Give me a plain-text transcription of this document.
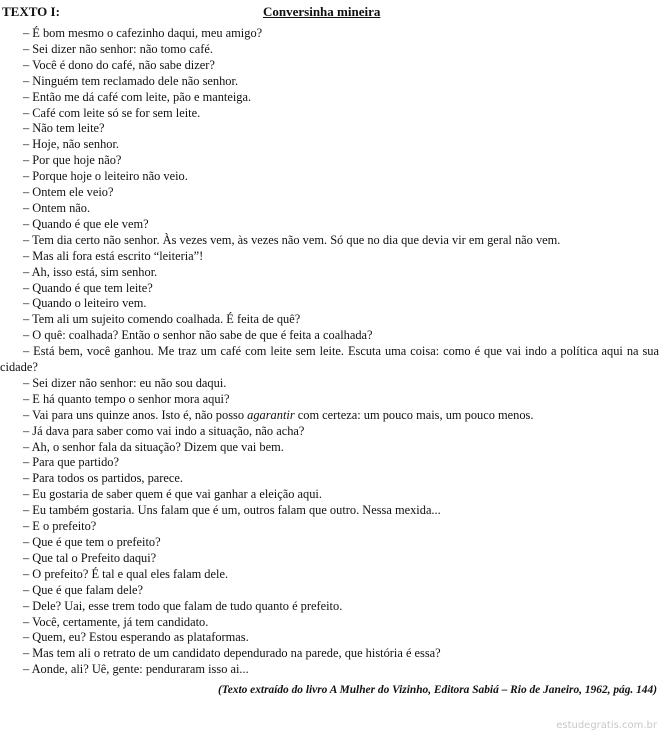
TEXTO I:	Conversinha mineira
– É bom mesmo o cafezinho daqui, meu amigo?
– Sei dizer não senhor: não tomo café.
– Você é dono do café, não sabe dizer?
– Ninguém tem reclamado dele não senhor.
– Então me dá café com leite, pão e manteiga.
– Café com leite só se for sem leite.
– Não tem leite?
– Hoje, não senhor.
– Por que hoje não?
– Porque hoje o leiteiro não veio.
– Ontem ele veio?
– Ontem não.
– Quando é que ele vem?
– Tem dia certo não senhor. Às vezes vem, às vezes não vem. Só que no dia que devia vir em geral não vem.
– Mas ali fora está escrito “leiteria”!
– Ah, isso está, sim senhor.
– Quando é que tem leite?
– Quando o leiteiro vem.
– Tem ali um sujeito comendo coalhada. É feita de quê?
– O quê: coalhada? Então o senhor não sabe de que é feita a coalhada?
– Está bem, você ganhou. Me traz um café com leite sem leite. Escuta uma coisa: como é que vai indo a política aqui na sua cidade?
– Sei dizer não senhor: eu não sou daqui.
– E há quanto tempo o senhor mora aqui?
– Vai para uns quinze anos. Isto é, não posso agarantir com certeza: um pouco mais, um pouco menos.
– Já dava para saber como vai indo a situação, não acha?
– Ah, o senhor fala da situação? Dizem que vai bem.
– Para que partido?
– Para todos os partidos, parece.
– Eu gostaria de saber quem é que vai ganhar a eleição aqui.
– Eu também gostaria. Uns falam que é um, outros falam que outro. Nessa mexida...
– E o prefeito?
– Que é que tem o prefeito?
– Que tal o Prefeito daqui?
– O prefeito? É tal e qual eles falam dele.
– Que é que falam dele?
– Dele? Uai, esse trem todo que falam de tudo quanto é prefeito.
– Você, certamente, já tem candidato.
– Quem, eu? Estou esperando as plataformas.
– Mas tem ali o retrato de um candidato dependurado na parede, que história é essa?
– Aonde, ali? Uê, gente: penduraram isso ai...
(Texto extraído do livro A Mulher do Vizinho, Editora Sabiá – Rio de Janeiro, 1962, pág. 144)
estudegratis.com.br
